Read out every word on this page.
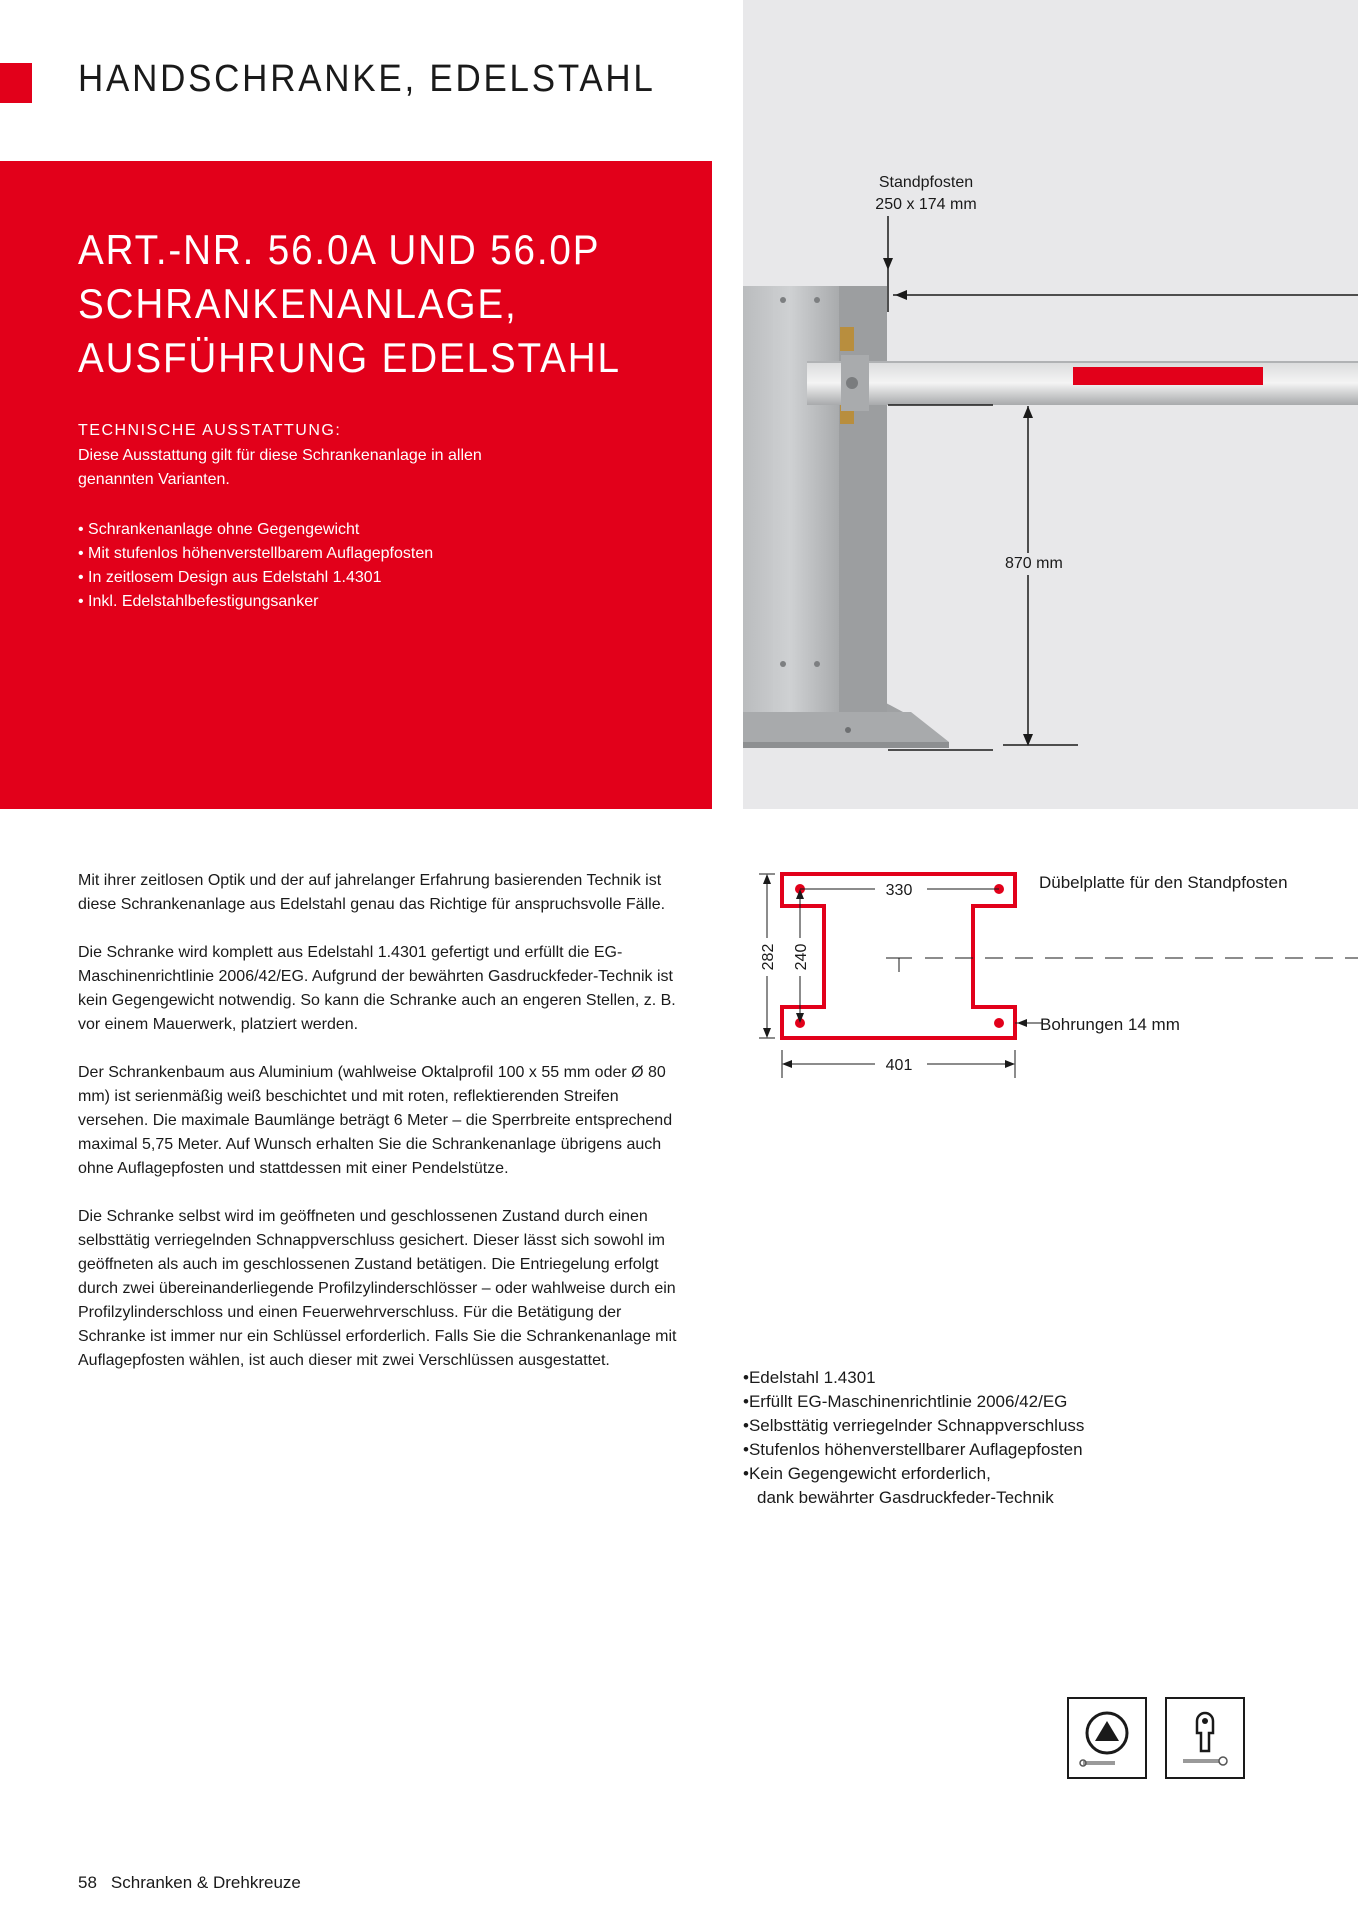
HANDSCHRANKE, EDELSTAHL
ART.-NR. 56.0A UND 56.0P
SCHRANKENANLAGE,
AUSFÜHRUNG EDELSTAHL
TECHNISCHE AUSSTATTUNG:
Diese Ausstattung gilt für diese Schrankenanlage in allen genannten Varianten.
• Schrankenanlage ohne Gegengewicht
• Mit stufenlos höhenverstellbarem Auflagepfosten
• In zeitlosem Design aus Edelstahl 1.4301
• Inkl. Edelstahlbefestigungsanker
Standpfosten
250 x 174 mm
870 mm

Mit ihrer zeitlosen Optik und der auf jahrelanger Erfahrung basierenden Technik ist diese Schrankenanlage aus Edelstahl genau das Richtige für anspruchsvolle Fälle.

Die Schranke wird komplett aus Edelstahl 1.4301 gefertigt und erfüllt die EG-Maschinenrichtlinie 2006/42/EG. Aufgrund der bewährten Gasdruckfeder-Technik ist kein Gegengewicht notwendig. So kann die Schranke auch an engeren Stellen, z. B. vor einem Mauerwerk, platziert werden.

Der Schrankenbaum aus Aluminium (wahlweise Oktalprofil 100 x 55 mm oder Ø 80 mm) ist serienmäßig weiß beschichtet und mit roten, reflektierenden Streifen versehen. Die maximale Baumlänge beträgt 6 Meter – die Sperrbreite entsprechend maximal 5,75 Meter. Auf Wunsch erhalten Sie die Schrankenanlage übrigens auch ohne Auflagepfosten und stattdessen mit einer Pendelstütze.

Die Schranke selbst wird im geöffneten und geschlossenen Zustand durch einen selbsttätig verriegelnden Schnappverschluss gesichert. Dieser lässt sich sowohl im geöffneten als auch im geschlossenen Zustand betätigen. Die Entriegelung erfolgt durch zwei übereinanderliegende Profilzylinderschlösser – oder wahlweise durch ein Profilzylinderschloss und einen Feuerwehrverschluss. Für die Betätigung der Schranke ist immer nur ein Schlüssel erforderlich. Falls Sie die Schrankenanlage mit Auflagepfosten wählen, ist auch dieser mit zwei Verschlüssen ausgestattet.

330
401
282 240
Dübelplatte für den Standpfosten
Bohrungen 14 mm
• Edelstahl 1.4301
• Erfüllt EG-Maschinenrichtlinie 2006/42/EG
• Selbsttätig verriegelnder Schnappverschluss
• Stufenlos höhenverstellbarer Auflagepfosten
• Kein Gegengewicht erforderlich,
dank bewährter Gasdruckfeder-Technik
58 Schranken & Drehkreuze
